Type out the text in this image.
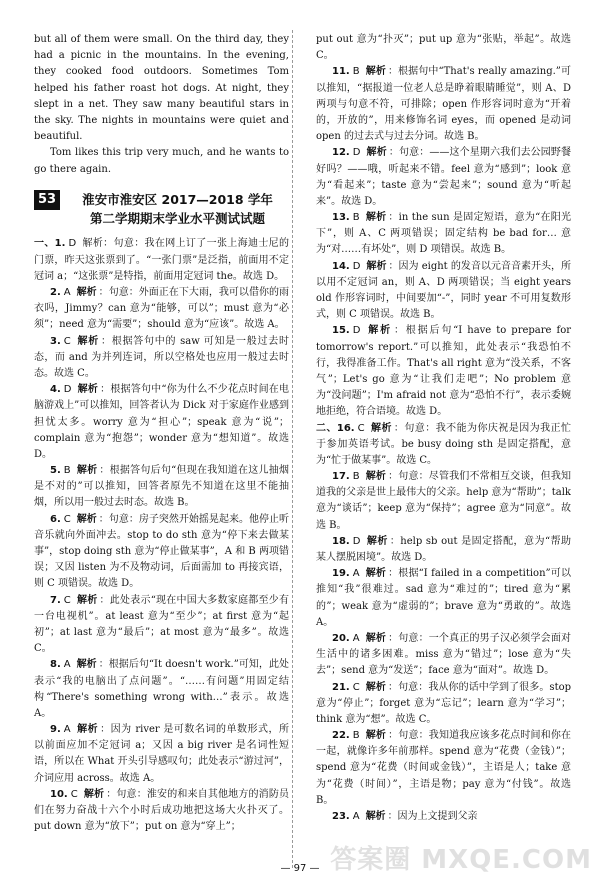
but all of them were small. On the third day, they had a picnic in the mountains. In the evening, they cooked food outdoors. Sometimes Tom helped his father roast hot dogs. At night, they slept in a net. They saw many beautiful stars in the sky. The nights in mountains were quiet and beautiful.

Tom likes this trip very much, and he wants to go there again.

53	淮安市淮安区 2017—2018 学年
第二学期期末学业水平测试试题

一、1. D 解析：句意：我在网上订了一张上海迪士尼的门票，昨天这张票到了。“一张门票”是泛指，前面用不定冠词 a；“这张票”是特指，前面用定冠词 the。故选 D。

2. A 解析 ：句意：外面正在下大雨，我可以借你的雨衣吗，Jimmy？can 意为“能够，可以”；must 意为“必须”；need 意为“需要”；should 意为“应该”。故选 A。

3. C 解析 ：根据答句中的 saw 可知是一般过去时态，而 and 为并列连词，所以空格处也应用一般过去时态。故选 C。

4. D 解析 ：根据答句中“你为什么不少花点时间在电脑游戏上”可以推知，回答者认为 Dick 对于家庭作业感到担忧太多。worry 意为“担心”；speak 意为“说”；complain 意为“抱怨”；wonder 意为“想知道”。故选 D。

5. B 解析 ：根据答句后句“但现在我知道在这儿抽烟是不对的”可以推知，回答者原先不知道在这里不能抽烟，所以用一般过去时态。故选 B。

6. C 解析 ：句意：房子突然开始摇晃起来。他停止听音乐就向外面冲去。stop to do sth 意为“停下来去做某事”，stop doing sth 意为“停止做某事”，A 和 B 两项错误；又因 listen 为不及物动词，后面需加 to 再接宾语，则 C 项错误。故选 D。

7. C 解析 ：此处表示“现在中国大多数家庭都至少有一台电视机”。at least 意为“至少”；at first 意为“起初”；at last 意为“最后”；at most 意为“最多”。故选 C。

8. A 解析 ：根据后句“It doesn't work.”可知，此处表示“我的电脑出了点问题”。“……有问题”用固定结构“There's something wrong with…”表示。故选 A。

9. A 解析 ：因为 river 是可数名词的单数形式，所以前面应加不定冠词 a；又因 a big river 是名词性短语，所以在 What 开头引导感叹句；此处表示“游过河”，介词应用 across。故选 A。

10. C 解析 ：句意：淮安的和来自其他地方的消防员们在努力奋战十六个小时后成功地把这场大火扑灭了。put down 意为“放下”；put on 意为“穿上”；

put out 意为“扑灭”；put up 意为“张贴，举起”。故选 C。

11. B 解析 ：根据句中“That's really amazing.”可以推知，“据报道一位老人总是睁着眼睛睡觉”，则 A、D 两项与句意不符，可排除；open 作形容词时意为“开着的，开放的”，用来修饰名词 eyes，而 opened 是动词 open 的过去式与过去分词。故选 B。

12. D 解析 ：句意：——这个星期六我们去公园野餐好吗？——哦，听起来不错。feel 意为“感到”；look 意为“看起来”；taste 意为“尝起来”；sound 意为“听起来”。故选 D。

13. B 解析 ：in the sun 是固定短语，意为“在阳光下”，则 A、C 两项错误；固定结构 be bad for… 意为“对……有坏处”，则 D 项错误。故选 B。

14. D 解析 ：因为 eight 的发音以元音音素开头，所以用不定冠词 an，则 A、D 两项错误；当 eight years old 作形容词时，中间要加“-”，同时 year 不可用复数形式，则 C 项错误。故选 B。

15. D 解析 ：根据后句“I have to prepare for tomorrow's report.”可以推知，此处表示“我恐怕不行，我得准备工作。That's all right 意为“没关系，不客气”；Let's go 意为“让我们走吧”；No problem 意为“没问题”；I'm afraid not 意为“恐怕不行”，表示委婉地拒绝，符合语境。故选 D。

二、16. C 解析 ：句意：我不能为你庆祝是因为我正忙于参加英语考试。be busy doing sth 是固定搭配，意为“忙于做某事”。故选 C。

17. B 解析 ：句意：尽管我们不常相互交谈，但我知道我的父亲是世上最伟大的父亲。help 意为“帮助”；talk 意为“谈话”；keep 意为“保持”；agree 意为“同意”。故选 B。

18. D 解析 ：help sb out 是固定搭配，意为“帮助某人摆脱困境”。故选 D。

19. A 解析 ：根据“I failed in a competition”可以推知“我”很难过。sad 意为“难过的”；tired 意为“累的”；weak 意为“虚弱的”；brave 意为“勇敢的”。故选 A。

20. A 解析 ：句意：一个真正的男子汉必须学会面对生活中的诸多困难。miss 意为“错过”；lose 意为“失去”；send 意为“发送”；face 意为“面对”。故选 D。

21. C 解析 ：句意：我从你的话中学到了很多。stop 意为“停止”；forget 意为“忘记”；learn 意为“学习”；think 意为“想”。故选 C。

22. B 解析 ：句意：我知道我应该多花点时间和你在一起，就像许多年前那样。spend 意为“花费（金钱）”；spend 意为“花费（时间或金钱）”，主语是人；take 意为“花费（时间）”，主语是物；pay 意为“付钱”。故选 B。

23. A 解析 ：因为上文提到父亲

— 97 — 答案圈 MXQE.COM
